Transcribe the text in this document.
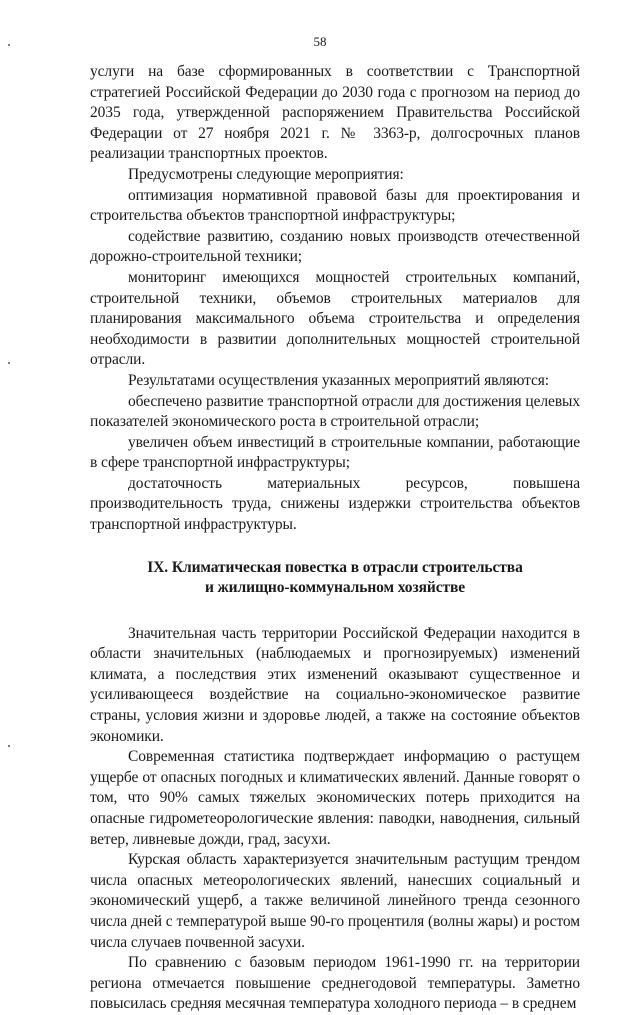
58

услуги на базе сформированных в соответствии с Транспортной стратегией Российской Федерации до 2030 года с прогнозом на период до 2035 года, утвержденной распоряжением Правительства Российской Федерации от 27 ноября 2021 г. № 3363-р, долгосрочных планов реализации транспортных проектов.

Предусмотрены следующие мероприятия:

оптимизация нормативной правовой базы для проектирования и строительства объектов транспортной инфраструктуры;

содействие развитию, созданию новых производств отечественной дорожно-строительной техники;

мониторинг имеющихся мощностей строительных компаний, строительной техники, объемов строительных материалов для планирования максимального объема строительства и определения необходимости в развитии дополнительных мощностей строительной отрасли.

Результатами осуществления указанных мероприятий являются:

обеспечено развитие транспортной отрасли для достижения целевых показателей экономического роста в строительной отрасли;

увеличен объем инвестиций в строительные компании, работающие в сфере транспортной инфраструктуры;

достаточность материальных ресурсов, повышена производительность труда, снижены издержки строительства объектов транспортной инфраструктуры.

IX. Климатическая повестка в отрасли строительства
и жилищно-коммунальном хозяйстве

Значительная часть территории Российской Федерации находится в области значительных (наблюдаемых и прогнозируемых) изменений климата, а последствия этих изменений оказывают существенное и усиливающееся воздействие на социально-экономическое развитие страны, условия жизни и здоровье людей, а также на состояние объектов экономики.

Современная статистика подтверждает информацию о растущем ущербе от опасных погодных и климатических явлений. Данные говорят о том, что 90% самых тяжелых экономических потерь приходится на опасные гидрометеорологические явления: паводки, наводнения, сильный ветер, ливневые дожди, град, засухи.

Курская область характеризуется значительным растущим трендом числа опасных метеорологических явлений, нанесших социальный и экономический ущерб, а также величиной линейного тренда сезонного числа дней с температурой выше 90-го процентиля (волны жары) и ростом числа случаев почвенной засухи.

По сравнению с базовым периодом 1961-1990 гг. на территории региона отмечается повышение среднегодовой температуры. Заметно повысилась средняя месячная температура холодного периода – в среднем
